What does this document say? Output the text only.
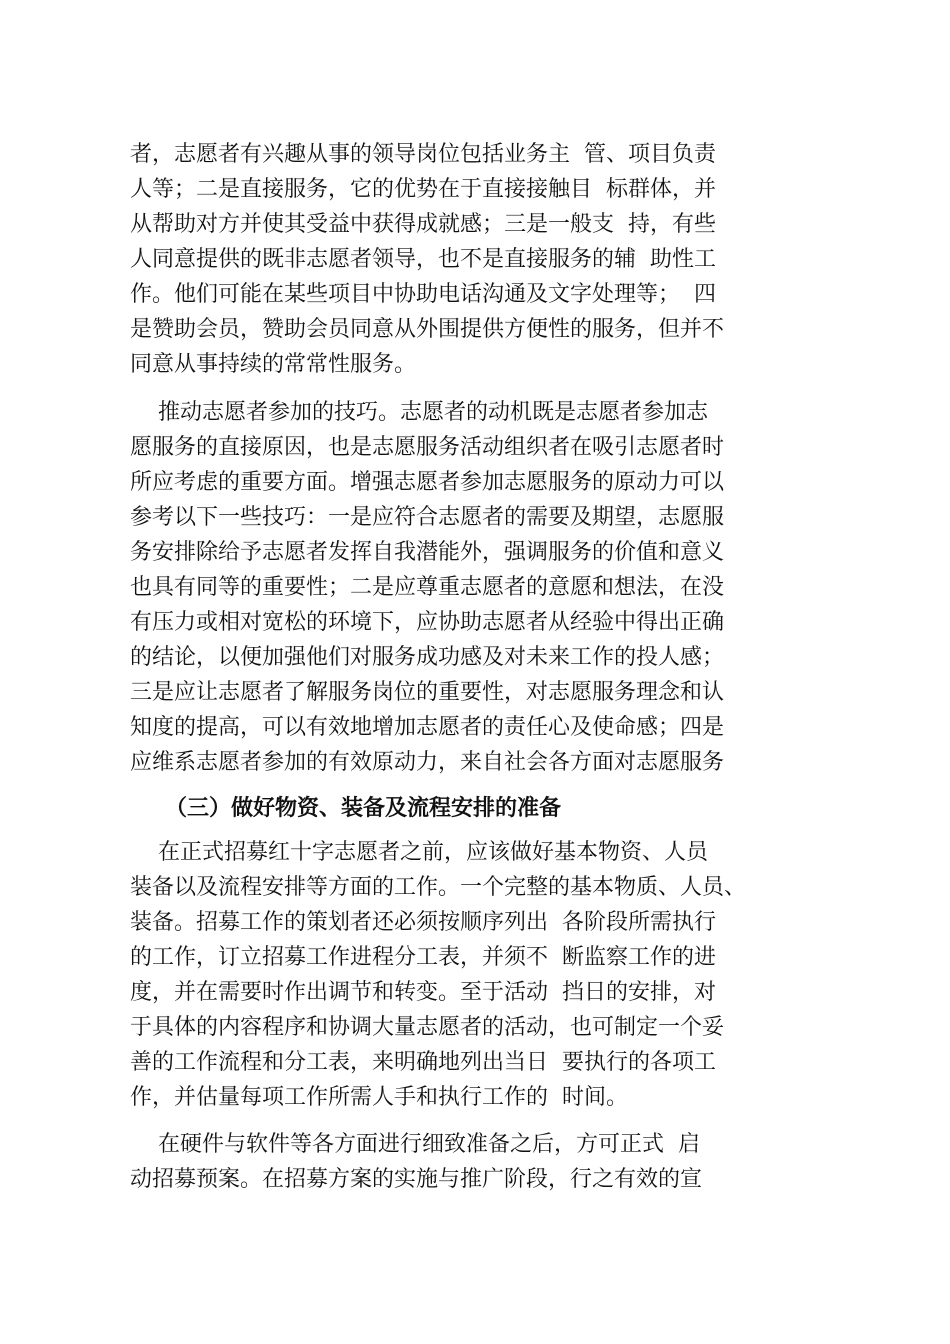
者，志愿者有兴趣从事的领导岗位包括业务主  管、项目负责
人等；二是直接服务，它的优势在于直接接触目  标群体，并
从帮助对方并使其受益中获得成就感；三是一般支  持，有些
人同意提供的既非志愿者领导，也不是直接服务的辅  助性工
作。他们可能在某些项目中协助电话沟通及文字处理等；  四
是赞助会员，赞助会员同意从外围提供方便性的服务，但并不
同意从事持续的常常性服务。
推动志愿者参加的技巧。志愿者的动机既是志愿者参加志
愿服务的直接原因，也是志愿服务活动组织者在吸引志愿者时
所应考虑的重要方面。增强志愿者参加志愿服务的原动力可以
参考以下一些技巧：一是应符合志愿者的需要及期望，志愿服
务安排除给予志愿者发挥自我潜能外，强调服务的价值和意义
也具有同等的重要性；二是应尊重志愿者的意愿和想法，在没
有压力或相对宽松的环境下，应协助志愿者从经验中得出正确
的结论，以便加强他们对服务成功感及对未来工作的投人感；
三是应让志愿者了解服务岗位的重要性，对志愿服务理念和认
知度的提高，可以有效地增加志愿者的责任心及使命感；四是
应维系志愿者参加的有效原动力，来自社会各方面对志愿服务
（三）做好物资、装备及流程安排的准备
在正式招募红十字志愿者之前，应该做好基本物资、人员
装备以及流程安排等方面的工作。一个完整的基本物质、人员、
装备。招募工作的策划者还必须按顺序列出  各阶段所需执行
的工作，订立招募工作进程分工表，并须不  断监察工作的进
度，并在需要时作出调节和转变。至于活动  挡日的安排，对
于具体的内容程序和协调大量志愿者的活动，也可制定一个妥
善的工作流程和分工表，来明确地列出当日  要执行的各项工
作，并估量每项工作所需人手和执行工作的  时间。
在硬件与软件等各方面进行细致准备之后，方可正式  启
动招募预案。在招募方案的实施与推广阶段，行之有效的宣
